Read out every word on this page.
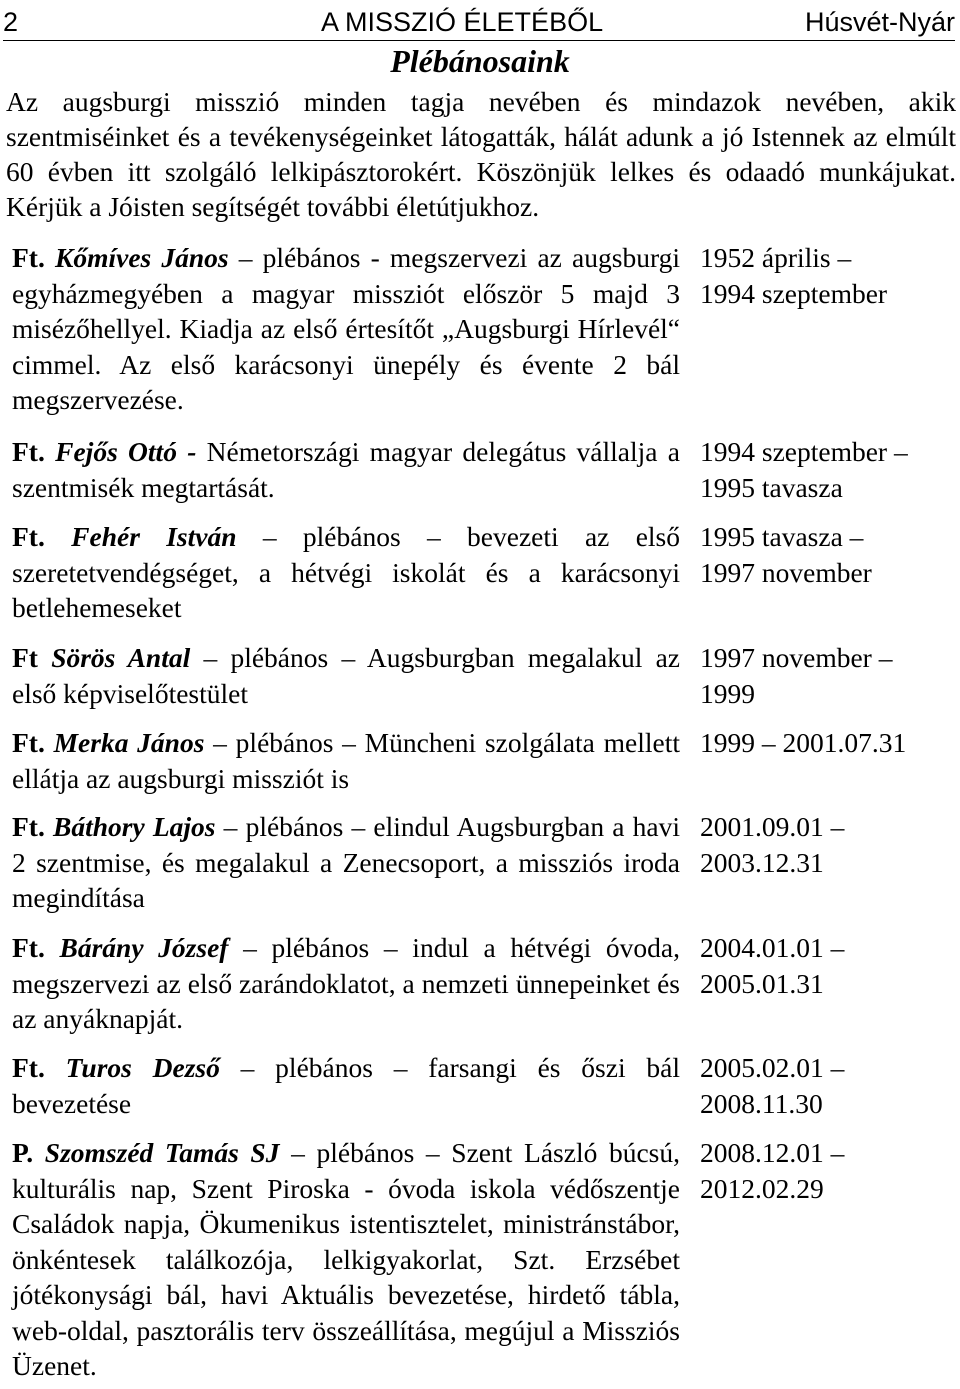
2	A MISSZIÓ ÉLETÉBŐL	Húsvét-Nyár
Plébánosaink
Az augsburgi misszió minden tagja nevében és mindazok nevében, akik szentmiséinket és a tevékenységeinket látogatták, hálát adunk a jó Istennek az elmúlt 60 évben itt szolgáló lelkipásztorokért. Köszönjük lelkes és odaadó munkájukat. Kérjük a Jóisten segítségét további életútjukhoz.
Ft. Kőmíves János – plébános - megszervezi az augsburgi egyházmegyében a magyar missziót először 5 majd 3 misézőhellyel. Kiadja az első értesítőt „Augsburgi Hírlevél“ cimmel. Az első karácsonyi ünepély és évente 2 bál megszervezése.
1952 április –
1994 szeptember
Ft. Fejős Ottó - Németországi magyar delegátus vállalja a szentmisék megtartását.
1994 szeptember –
1995 tavasza
Ft. Fehér István – plébános – bevezeti az első szeretetvendégséget, a hétvégi iskolát és a karácsonyi betlehemeseket
1995 tavasza –
1997 november
Ft Sörös Antal – plébános – Augsburgban megalakul az első képviselőtestület
1997 november –
1999
Ft. Merka János – plébános – Müncheni szolgálata mellett ellátja az augsburgi missziót is
1999 – 2001.07.31
Ft. Báthory Lajos – plébános – elindul Augsburgban a havi 2 szentmise, és megalakul a Zenecsoport, a missziós iroda megindítása
2001.09.01 –
2003.12.31
Ft. Bárány József – plébános – indul a hétvégi óvoda, megszervezi az első zarándoklatot, a nemzeti ünnepeinket és az anyáknapját.
2004.01.01 –
2005.01.31
Ft. Turos Dezső – plébános – farsangi és őszi bál bevezetése
2005.02.01 –
2008.11.30
P. Szomszéd Tamás SJ – plébános – Szent László búcsú, kulturális nap, Szent Piroska - óvoda iskola védőszentje Családok napja, Ökumenikus istentisztelet, ministránstábor, önkéntesek találkozója, lelkigyakorlat, Szt. Erzsébet jótékonysági bál, havi Aktuális bevezetése, hirdető tábla, web-oldal, pasztorális terv összeállítása, megújul a Missziós Üzenet.
2008.12.01 –
2012.02.29
